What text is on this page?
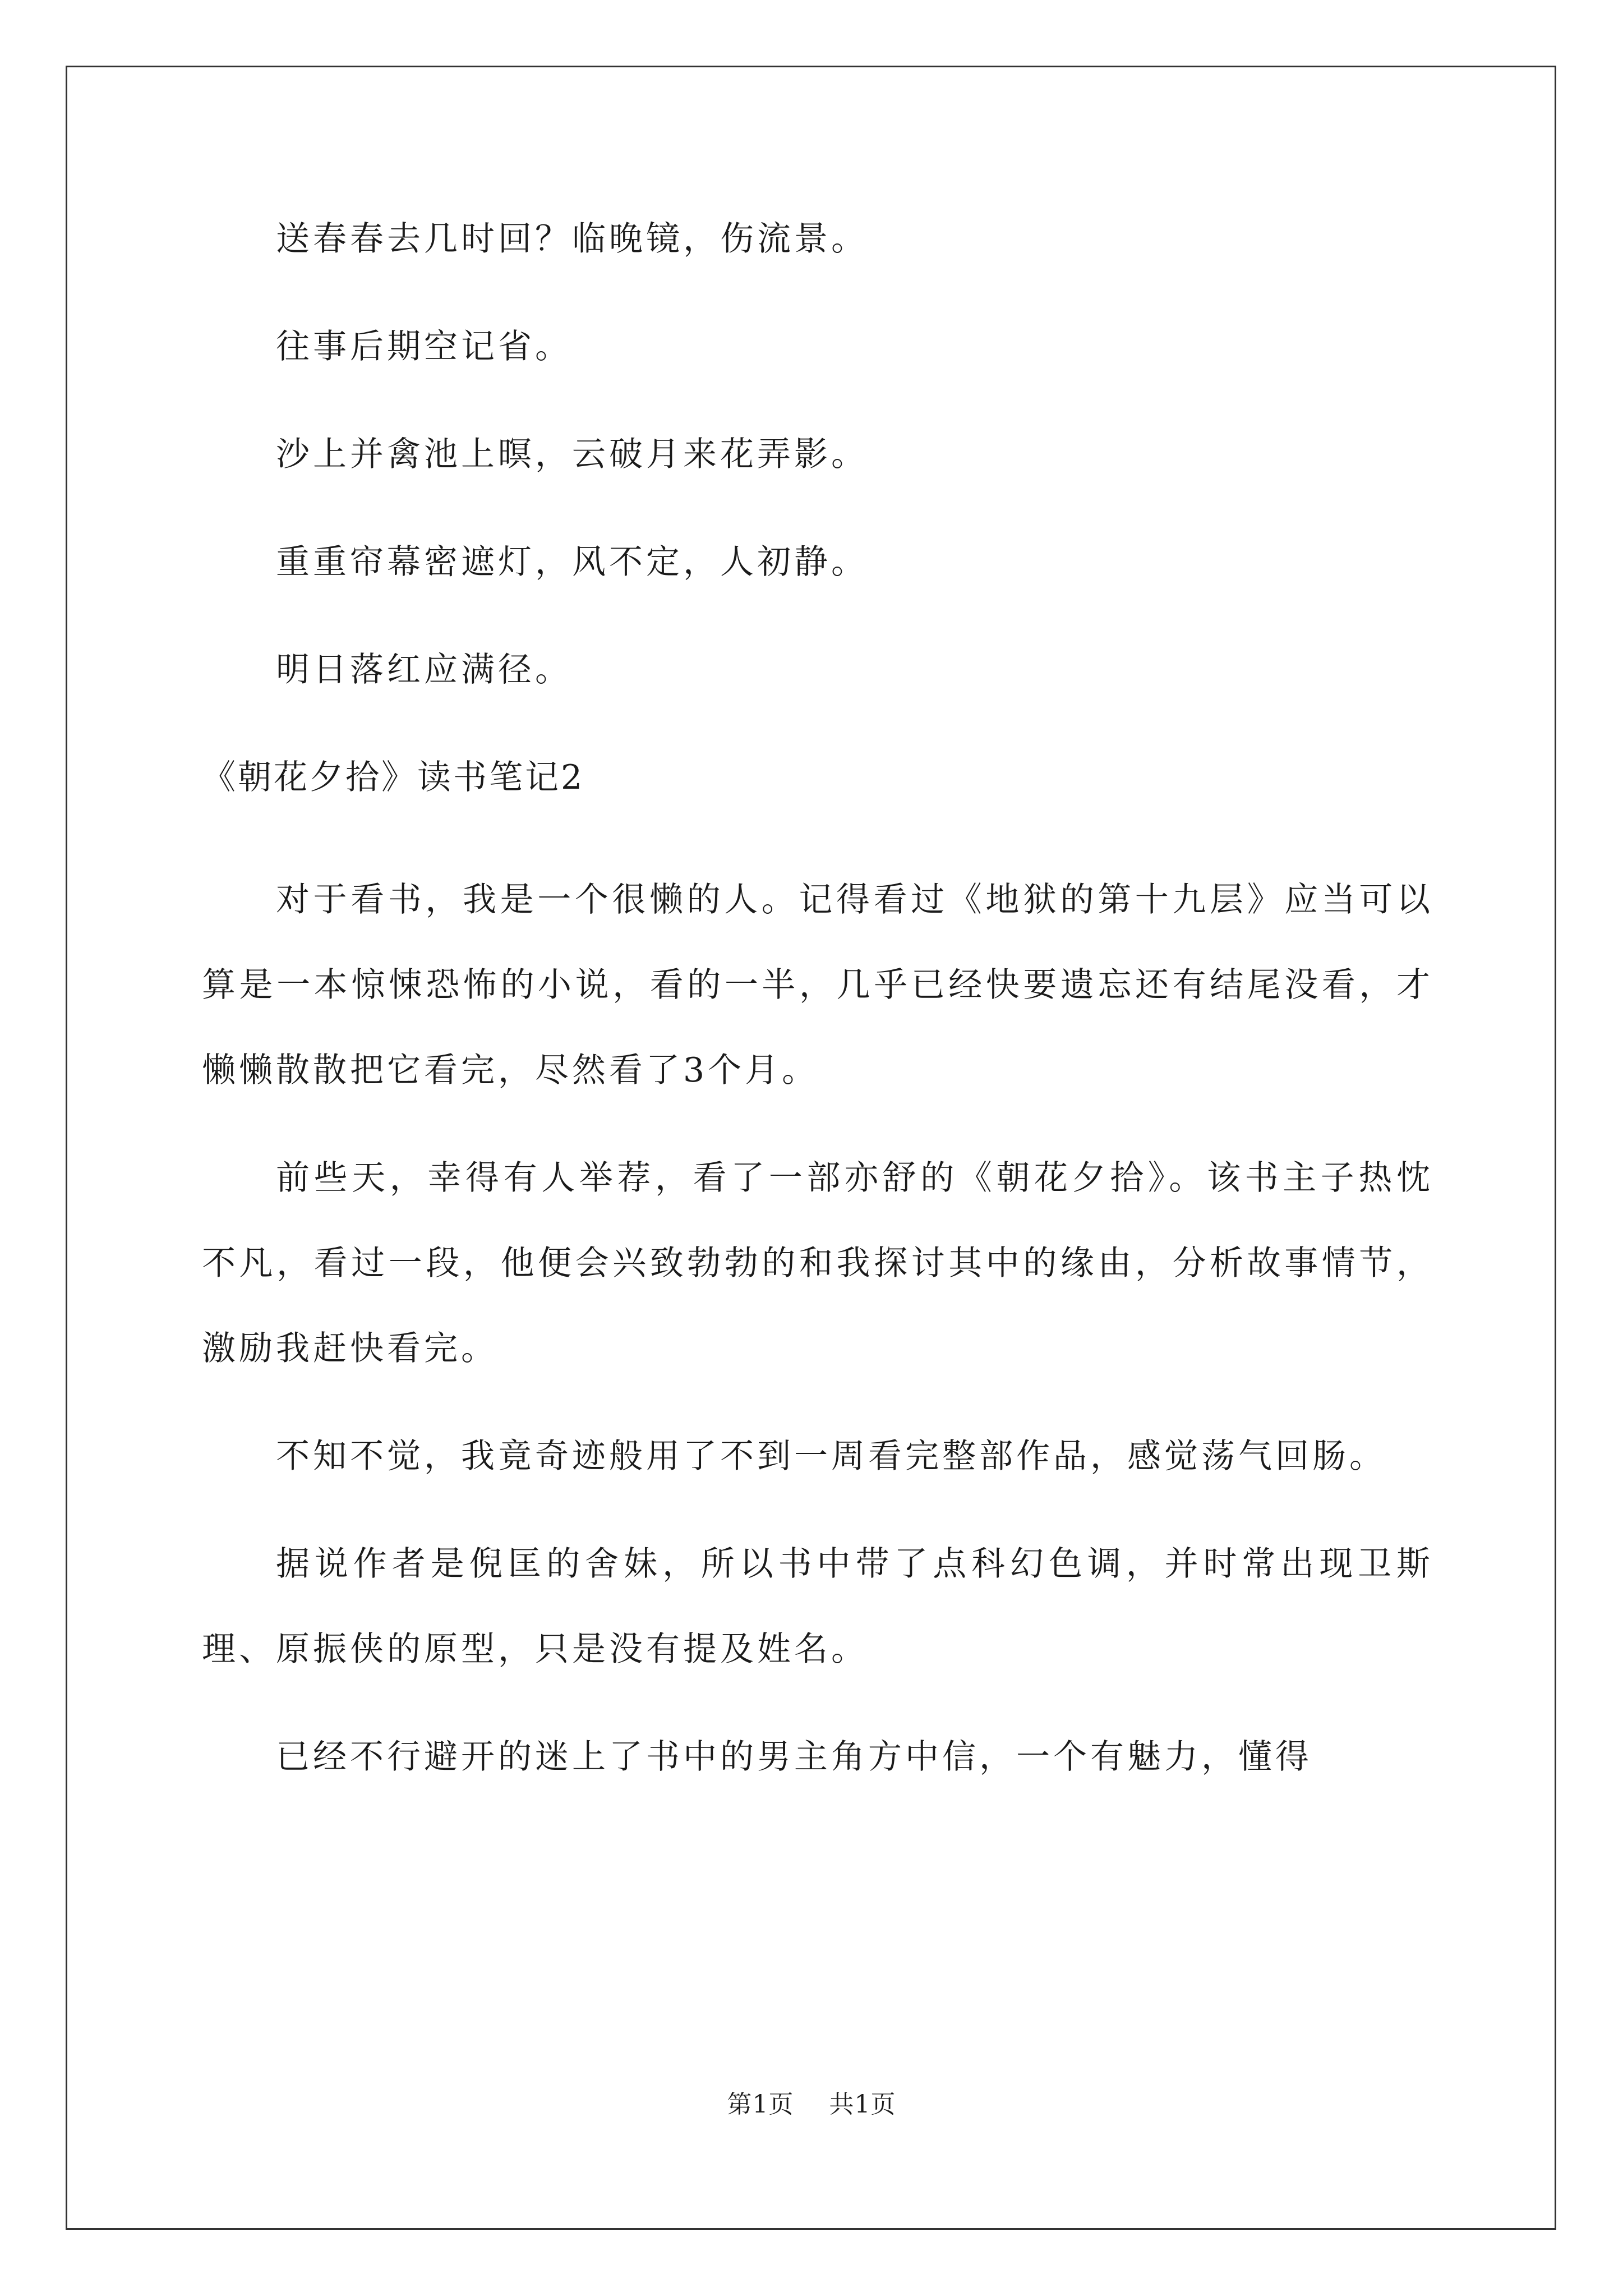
送春春去几时回？临晚镜，伤流景。

往事后期空记省。

沙上并禽池上暝，云破月来花弄影。

重重帘幕密遮灯，风不定，人初静。

明日落红应满径。

《朝花夕拾》读书笔记2

对于看书，我是一个很懒的人。记得看过《地狱的第十九层》应当可以算是一本惊悚恐怖的小说，看的一半，几乎已经快要遗忘还有结尾没看，才懒懒散散把它看完，尽然看了3个月。

前些天，幸得有人举荐，看了一部亦舒的《朝花夕拾》。该书主子热忱不凡，看过一段，他便会兴致勃勃的和我探讨其中的缘由，分析故事情节，激励我赶快看完。

不知不觉，我竟奇迹般用了不到一周看完整部作品，感觉荡气回肠。

据说作者是倪匡的舍妹，所以书中带了点科幻色调，并时常出现卫斯理、原振侠的原型，只是没有提及姓名。

已经不行避开的迷上了书中的男主角方中信，一个有魅力，懂得

第1页 共1页
